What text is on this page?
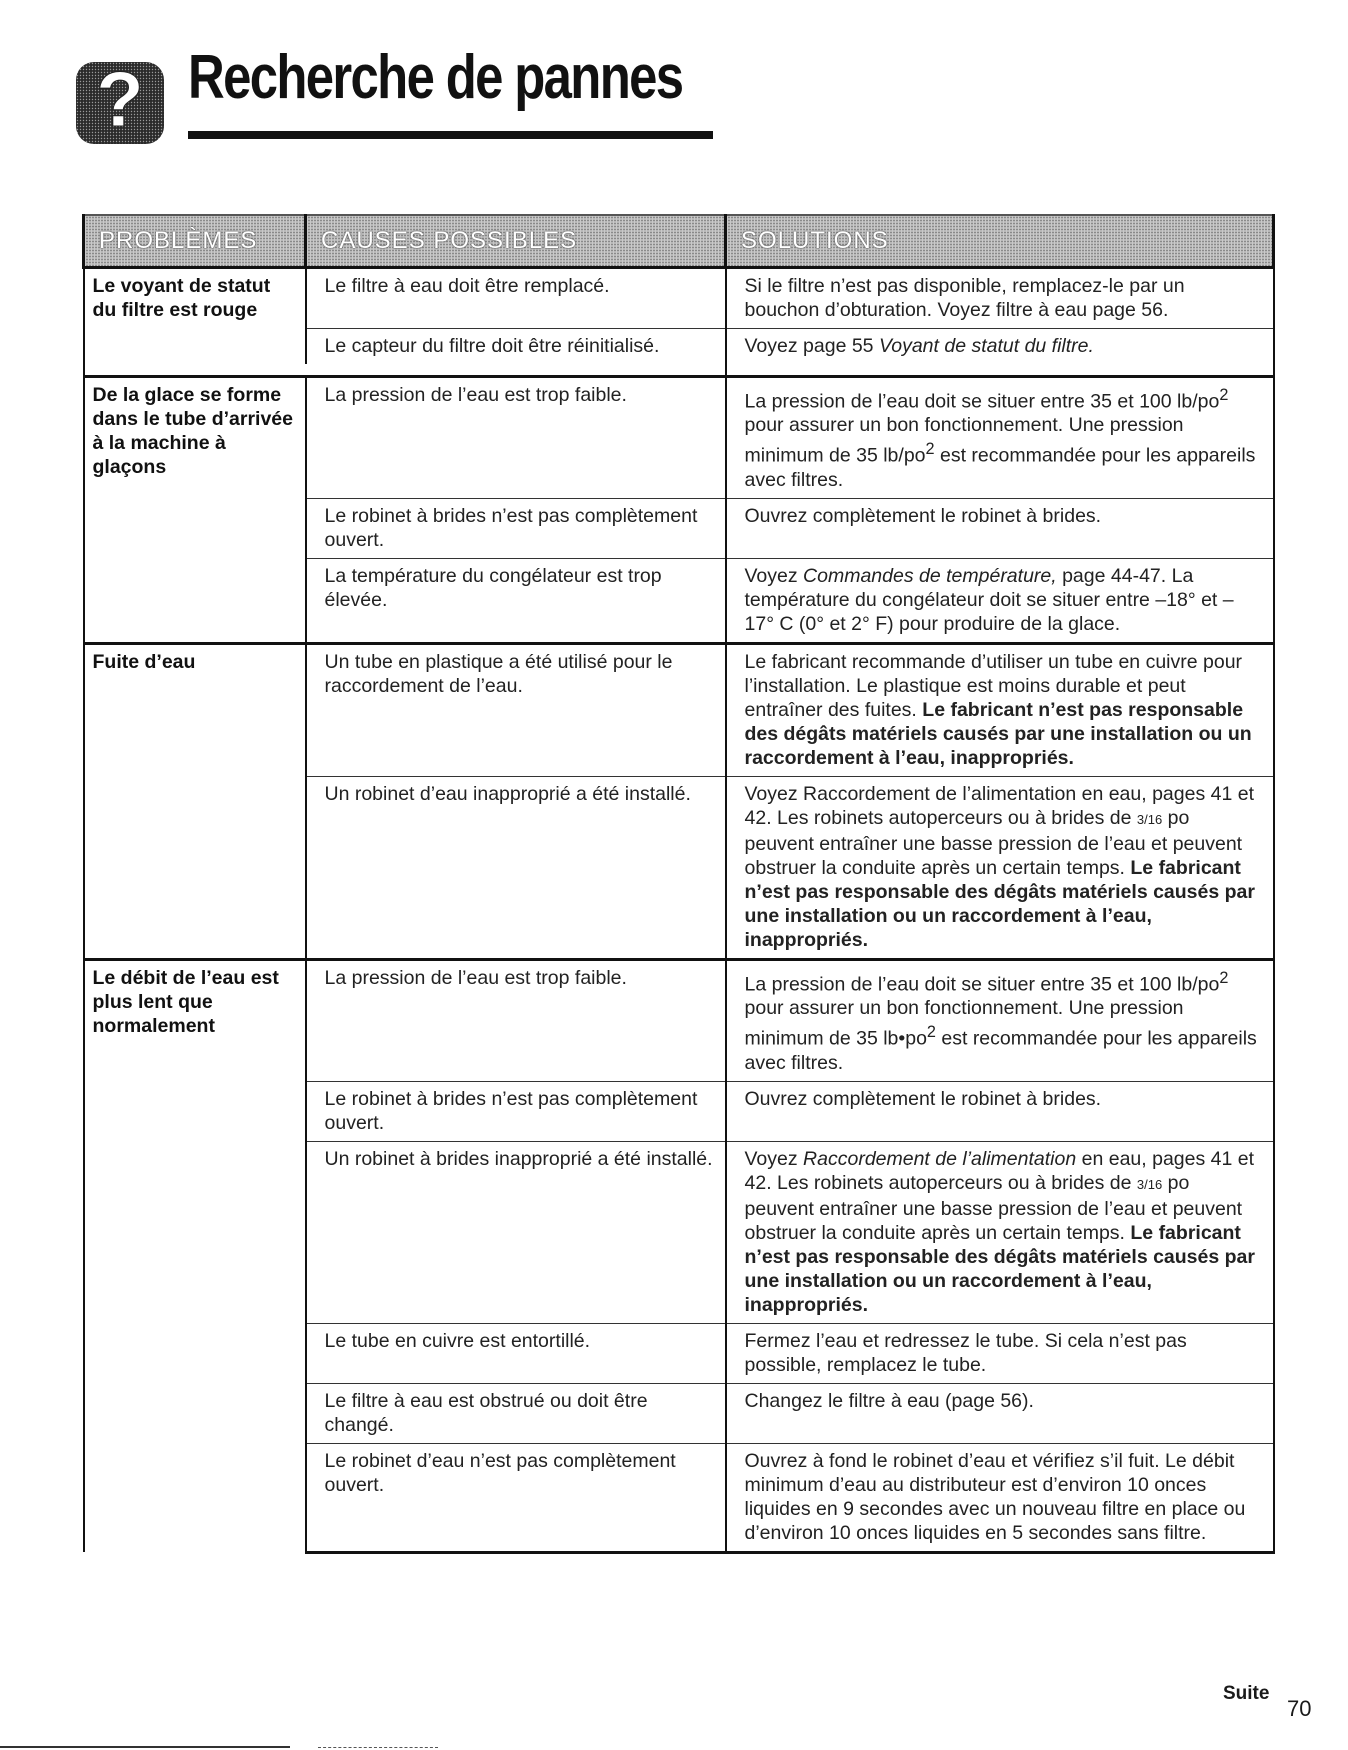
? Recherche de pannes
PROBLÈMES	CAUSES POSSIBLES	SOLUTIONS
Le voyant de statut du filtre est rouge	Le filtre à eau doit être remplacé.	Si le filtre n’est pas disponible, remplacez-le par un bouchon d’obturation. Voyez filtre à eau page 56.
	Le capteur du filtre doit être réinitialisé.	Voyez page 55 Voyant de statut du filtre.

De la glace se forme dans le tube d’arrivée à la machine à glaçons	La pression de l’eau est trop faible.	La pression de l’eau doit se situer entre 35 et 100 $lb/po^2$ pour assurer un bon fonctionnement. Une pression minimum de 35 $lb/po^2$ est recommandée pour les appareils avec filtres.
	Le robinet à brides n’est pas complètement ouvert.	Ouvrez complètement le robinet à brides.
	La température du congélateur est trop élevée.	Voyez Commandes de température, page 44-47. La température du congélateur doit se situer entre –18° et –17° C (0° et 2° F) pour produire de la glace.
Fuite d’eau	Un tube en plastique a été utilisé pour le raccordement de l’eau.	Le fabricant recommande d’utiliser un tube en cuivre pour l’installation. Le plastique est moins durable et peut entraîner des fuites. Le fabricant n’est pas responsable des dégâts matériels causés par une installation ou un raccordement à l’eau, inappropriés.
	Un robinet d’eau inapproprié a été installé.	Voyez Raccordement de l’alimentation en eau, pages 41 et 42. Les robinets autoperceurs ou à brides de 3/16 po peuvent entraîner une basse pression de l’eau et peuvent obstruer la conduite après un certain temps. Le fabricant n’est pas responsable des dégâts matériels causés par une installation ou un raccordement à l’eau, inappropriés.
Le débit de l’eau est plus lent que normalement	La pression de l’eau est trop faible.	La pression de l’eau doit se situer entre 35 et 100 $lb/po^2$ pour assurer un bon fonctionnement. Une pression minimum de 35 $lb•po^2$ est recommandée pour les appareils avec filtres.
	Le robinet à brides n’est pas complètement ouvert.	Ouvrez complètement le robinet à brides.
	Un robinet à brides inapproprié a été installé.	Voyez Raccordement de l’alimentation en eau, pages 41 et 42. Les robinets autoperceurs ou à brides de 3/16 po peuvent entraîner une basse pression de l’eau et peuvent obstruer la conduite après un certain temps. Le fabricant n’est pas responsable des dégâts matériels causés par une installation ou un raccordement à l’eau, inappropriés.
	Le tube en cuivre est entortillé.	Fermez l’eau et redressez le tube. Si cela n’est pas possible, remplacez le tube.
	Le filtre à eau est obstrué ou doit être changé.	Changez le filtre à eau (page 56).
	Le robinet d’eau n’est pas complètement ouvert.	Ouvrez à fond le robinet d’eau et vérifiez s’il fuit. Le débit minimum d’eau au distributeur est d’environ 10 onces liquides en 9 secondes avec un nouveau filtre en place ou d’environ 10 onces liquides en 5 secondes sans filtre.
Suite
70
